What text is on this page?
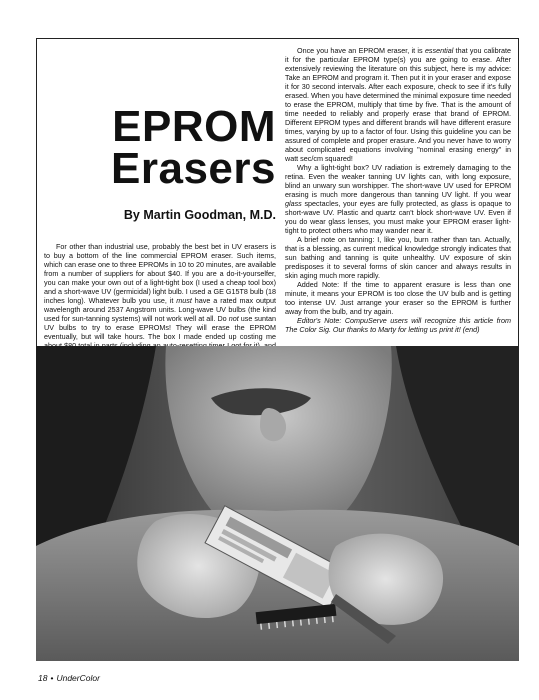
EPROM
Erasers

By Martin Goodman, M.D.

For other than industrial use, probably the best bet in UV erasers is to buy a bottom of the line commercial EPROM eraser. Such items, which can erase one to three EPROMs in 10 to 20 minutes, are available from a number of suppliers for about $40. If you are a do-it-yourselfer, you can make your own out of a light-tight box (I used a cheap tool box) and a short-wave UV (germicidal) light bulb. I used a GE G15T8 bulb (18 inches long). Whatever bulb you use, it must have a rated max output wavelength around 2537 Angstrom units. Long-wave UV bulbs (the kind used for sun-tanning systems) will not work well at all. Do not use suntan UV bulbs to try to erase EPROMs! They will erase the EPROM eventually, but will take hours. The box I made ended up costing me

Once you have an EPROM eraser, it is essential that you calibrate it for the particular EPROM type(s) you are going to erase. After extensively reviewing the literature on this subject, here is my advice: Take an EPROM and program it. Then put it in your eraser and expose it for 30 second intervals. After each exposure, check to see if it's fully erased. When you have determined the minimal exposure time needed to erase the EPROM, multiply that time by five. That is the amount of time needed to reliably and properly erase that brand of EPROM. Different EPROM types and different brands will have different erasure times, varying by up to a factor of four. Using this guideline you can be assured of complete and proper erasure. And you never have to worry about complicated equations involving "nominal erasing energy" in watt sec/cm squared!

Why a light-tight box? UV radiation is extremely damaging to the retina. Even the weaker tanning UV lights can, with long exposure, blind an unwary sun worshipper. The short-wave UV used for EPROM erasing is much more dangerous than tanning UV light. If you wear glass spectacles, your eyes are fully protected, as glass is opaque to short-wave UV. Plastic and quartz can't block short-wave UV. Even if you do wear glass lenses, you must make your EPROM eraser light-tight to protect others who may wander near it.

A brief note on tanning: I, like you, burn rather than tan. Actually, that is a blessing, as current medical knowledge strongly indicates that sun bathing and tanning is quite unhealthy. UV exposure of skin predisposes it to several forms of skin cancer and always results in skin aging much more rapidly.

Added Note: If the time to apparent erasure is less than one minute, it means your EPROM is too close the UV bulb and is getting too intense UV. Just arrange your eraser so the EPROM is further away from the bulb, and try again.

Editor's Note: CompuServe users will recognize this article from The Color Sig. Our thanks to Marty for letting us print it! (end)

18 • UnderColor
